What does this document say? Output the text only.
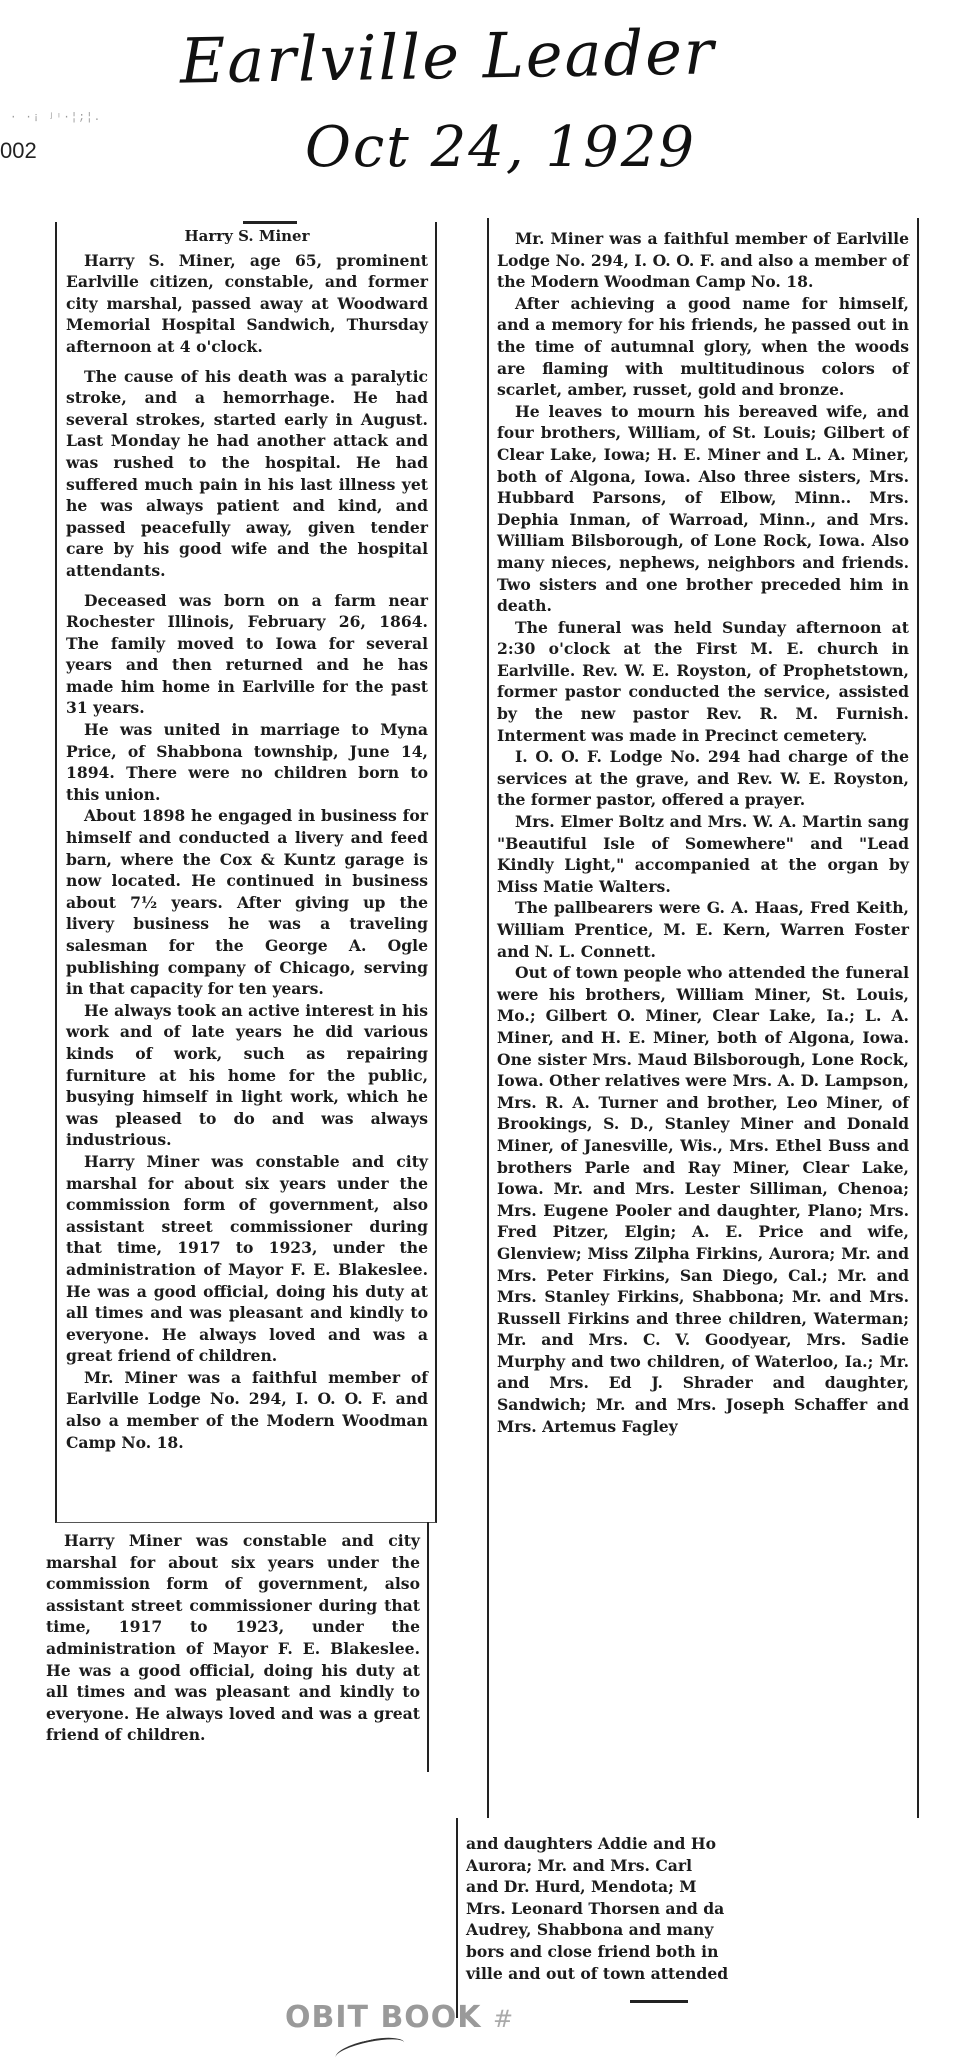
· ·¡ ʲᶦ·¦;¦.
002
Earlville Leader
Oct 24, 1929

Harry S. Miner

Harry S. Miner, age 65, prominent Earlville citizen, constable, and former city marshal, passed away at Woodward Memorial Hospital Sandwich, Thursday afternoon at 4 o'clock.

The cause of his death was a paralytic stroke, and a hemorrhage. He had several strokes, started early in August. Last Monday he had another attack and was rushed to the hospital. He had suffered much pain in his last illness yet he was always patient and kind, and passed peacefully away, given tender care by his good wife and the hospital attendants.

Deceased was born on a farm near Rochester Illinois, February 26, 1864. The family moved to Iowa for several years and then returned and he has made him home in Earlville for the past 31 years.

He was united in marriage to Myna Price, of Shabbona township, June 14, 1894. There were no children born to this union.

About 1898 he engaged in business for himself and conducted a livery and feed barn, where the Cox & Kuntz garage is now located. He continued in business about 7½ years. After giving up the livery business he was a traveling salesman for the George A. Ogle publishing company of Chicago, serving in that capacity for ten years.

He always took an active interest in his work and of late years he did various kinds of work, such as repairing furniture at his home for the public, busying himself in light work, which he was pleased to do and was always industrious.

Harry Miner was constable and city marshal for about six years under the commission form of government, also assistant street commissioner during that time, 1917 to 1923, under the administration of Mayor F. E. Blakeslee. He was a good official, doing his duty at all times and was pleasant and kindly to everyone. He always loved and was a great friend of children.

Mr. Miner was a faithful member of Earlville Lodge No. 294, I. O. O. F. and also a member of the Modern Woodman Camp No. 18.

Harry Miner was constable and city marshal for about six years under the commission form of government, also assistant street commissioner during that time, 1917 to 1923, under the administration of Mayor F. E. Blakeslee. He was a good official, doing his duty at all times and was pleasant and kindly to everyone. He always loved and was a great friend of children.

Mr. Miner was a faithful member of Earlville Lodge No. 294, I. O. O. F. and also a member of the Modern Woodman Camp No. 18.

After achieving a good name for himself, and a memory for his friends, he passed out in the time of autumnal glory, when the woods are flaming with multitudinous colors of scarlet, amber, russet, gold and bronze.

He leaves to mourn his bereaved wife, and four brothers, William, of St. Louis; Gilbert of Clear Lake, Iowa; H. E. Miner and L. A. Miner, both of Algona, Iowa. Also three sisters, Mrs. Hubbard Parsons, of Elbow, Minn.. Mrs. Dephia Inman, of Warroad, Minn., and Mrs. William Bilsborough, of Lone Rock, Iowa. Also many nieces, nephews, neighbors and friends. Two sisters and one brother preceded him in death.

The funeral was held Sunday afternoon at 2:30 o'clock at the First M. E. church in Earlville. Rev. W. E. Royston, of Prophetstown, former pastor conducted the service, assisted by the new pastor Rev. R. M. Furnish. Interment was made in Precinct cemetery.

I. O. O. F. Lodge No. 294 had charge of the services at the grave, and Rev. W. E. Royston, the former pastor, offered a prayer.

Mrs. Elmer Boltz and Mrs. W. A. Martin sang "Beautiful Isle of Somewhere" and "Lead Kindly Light," accompanied at the organ by Miss Matie Walters.

The pallbearers were G. A. Haas, Fred Keith, William Prentice, M. E. Kern, Warren Foster and N. L. Connett.

Out of town people who attended the funeral were his brothers, William Miner, St. Louis, Mo.; Gilbert O. Miner, Clear Lake, Ia.; L. A. Miner, and H. E. Miner, both of Algona, Iowa. One sister Mrs. Maud Bilsborough, Lone Rock, Iowa. Other relatives were Mrs. A. D. Lampson, Mrs. R. A. Turner and brother, Leo Miner, of Brookings, S. D., Stanley Miner and Donald Miner, of Janesville, Wis., Mrs. Ethel Buss and brothers Parle and Ray Miner, Clear Lake, Iowa. Mr. and Mrs. Lester Silliman, Chenoa; Mrs. Eugene Pooler and daughter, Plano; Mrs. Fred Pitzer, Elgin; A. E. Price and wife, Glenview; Miss Zilpha Firkins, Aurora; Mr. and Mrs. Peter Firkins, San Diego, Cal.; Mr. and Mrs. Stanley Firkins, Shabbona; Mr. and Mrs. Russell Firkins and three children, Waterman; Mr. and Mrs. C. V. Goodyear, Mrs. Sadie Murphy and two children, of Waterloo, Ia.; Mr. and Mrs. Ed J. Shrader and daughter, Sandwich; Mr. and Mrs. Joseph Schaffer and Mrs. Artemus Fagley

and daughters Addie and Ho
Aurora; Mr. and Mrs. Carl
and Dr. Hurd, Mendota; M
Mrs. Leonard Thorsen and da
Audrey, Shabbona and many
bors and close friend both in
ville and out of town attended
OBIT BOOK #
